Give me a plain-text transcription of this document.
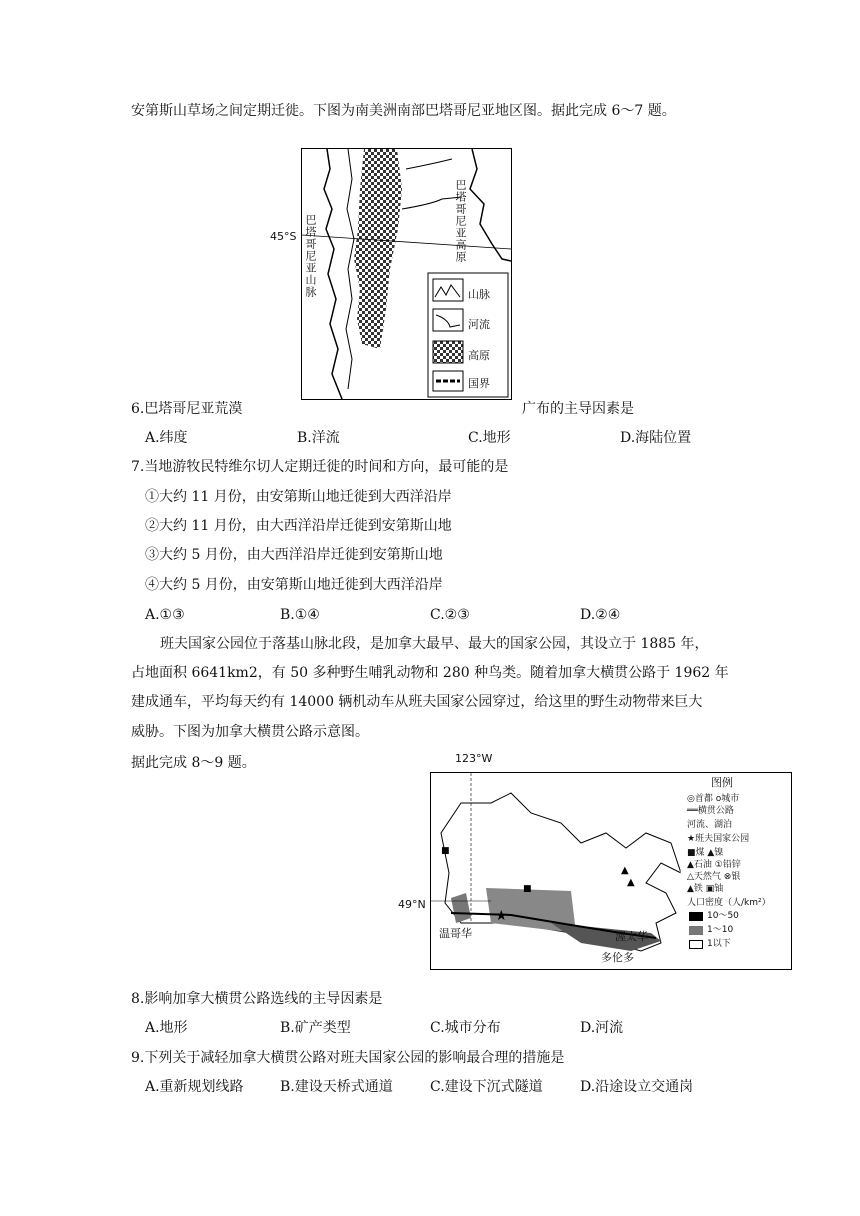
安第斯山草场之间定期迁徙。下图为南美洲南部巴塔哥尼亚地区图。据此完成 6～7 题。
45°S	巴塔哥尼亚高原
巴塔哥尼亚山脉	山脉
河流
高原
国界
6.巴塔哥尼亚荒漠	广布的主导因素是
A.纬度	B.洋流	C.地形	D.海陆位置
7.当地游牧民特维尔切人定期迁徙的时间和方向，最可能的是
①大约 11 月份，由安第斯山地迁徙到大西洋沿岸
②大约 11 月份，由大西洋沿岸迁徙到安第斯山地
③大约 5 月份，由大西洋沿岸迁徙到安第斯山地
④大约 5 月份，由安第斯山地迁徙到大西洋沿岸
A.①③	B.①④	C.②③	D.②④
班夫国家公园位于落基山脉北段，是加拿大最早、最大的国家公园，其设立于 1885 年，
占地面积 6641km2，有 50 多种野生哺乳动物和 280 种鸟类。随着加拿大横贯公路于 1962 年
建成通车，平均每天约有 14000 辆机动车从班夫国家公园穿过，给这里的野生动物带来巨大
威胁。下图为加拿大横贯公路示意图。
据此完成 8～9 题。	123°W
49°N
★
▲
▲
■
■
温哥华	渥太华
多伦多
图例
◎首都 o城市
══横贯公路
河流、湖泊
★班夫国家公园
■煤 ▲镍
▲石油 ①铅锌
△天然气 ⊗银
▲铁 ▣铀
人口密度（人/km²）
10～50
1～10
1以下
8.影响加拿大横贯公路选线的主导因素是
A.地形	B.矿产类型	C.城市分布	D.河流
9.下列关于减轻加拿大横贯公路对班夫国家公园的影响最合理的措施是
A.重新规划线路	B.建设天桥式通道	C.建设下沉式隧道	D.沿途设立交通岗
